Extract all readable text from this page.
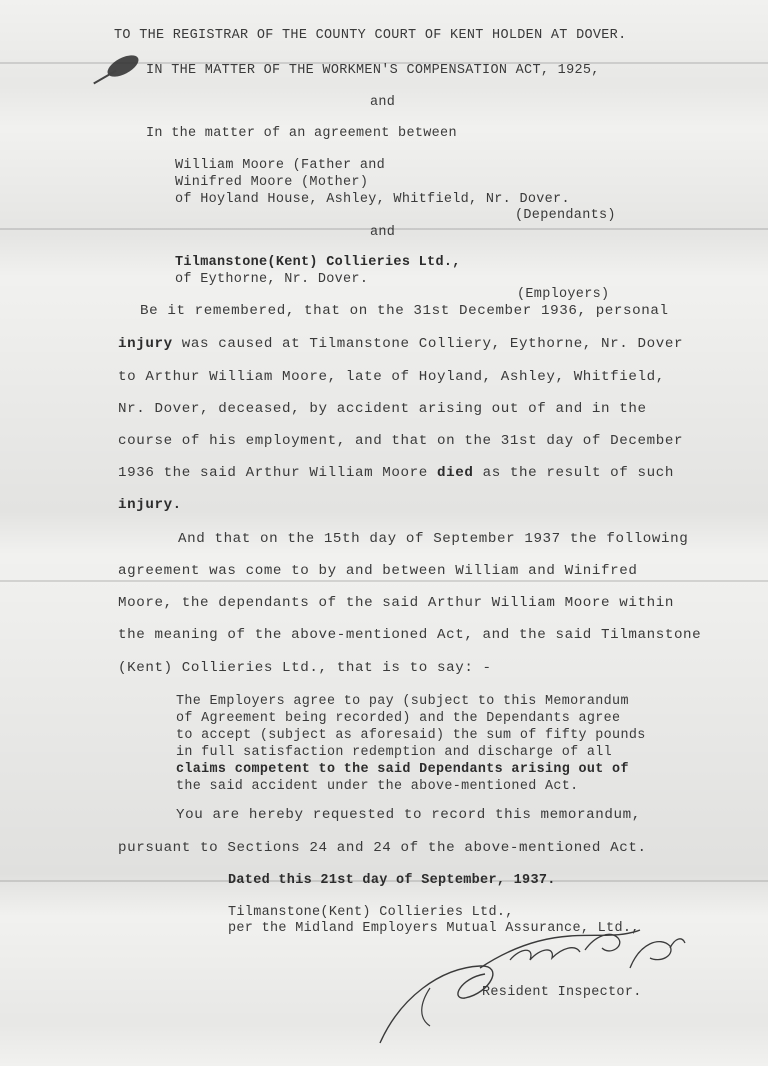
TO THE REGISTRAR OF THE COUNTY COURT OF KENT HOLDEN AT DOVER.
IN THE MATTER OF THE WORKMEN'S COMPENSATION ACT, 1925,
and
In the matter of an agreement between
William Moore (Father and
Winifred Moore (Mother)
of Hoyland House, Ashley, Whitfield, Nr. Dover.
(Dependants)
and
Tilmanstone(Kent) Collieries Ltd.,
of Eythorne, Nr. Dover.
(Employers)
Be it remembered, that on the 31st December 1936, personal
injury was caused at Tilmanstone Colliery, Eythorne, Nr. Dover
to Arthur William Moore, late of Hoyland, Ashley, Whitfield,
Nr. Dover, deceased, by accident arising out of and in the
course of his employment, and that on the 31st day of December
1936 the said Arthur William Moore died as the result of such
injury.
And that on the 15th day of September 1937 the following
agreement was come to by and between William and Winifred
Moore, the dependants of the said Arthur William Moore within
the meaning of the above-mentioned Act, and the said Tilmanstone
(Kent) Collieries Ltd., that is to say: -
The Employers agree to pay (subject to this Memorandum
of Agreement being recorded) and the Dependants agree
to accept (subject as aforesaid) the sum of fifty pounds
in full satisfaction redemption and discharge of all
claims competent to the said Dependants arising out of
the said accident under the above-mentioned Act.
You are hereby requested to record this memorandum,
pursuant to Sections 24 and 24 of the above-mentioned Act.
Dated this 21st day of September, 1937.
Tilmanstone(Kent) Collieries Ltd.,
per the Midland Employers Mutual Assurance, Ltd.,
Resident Inspector.
